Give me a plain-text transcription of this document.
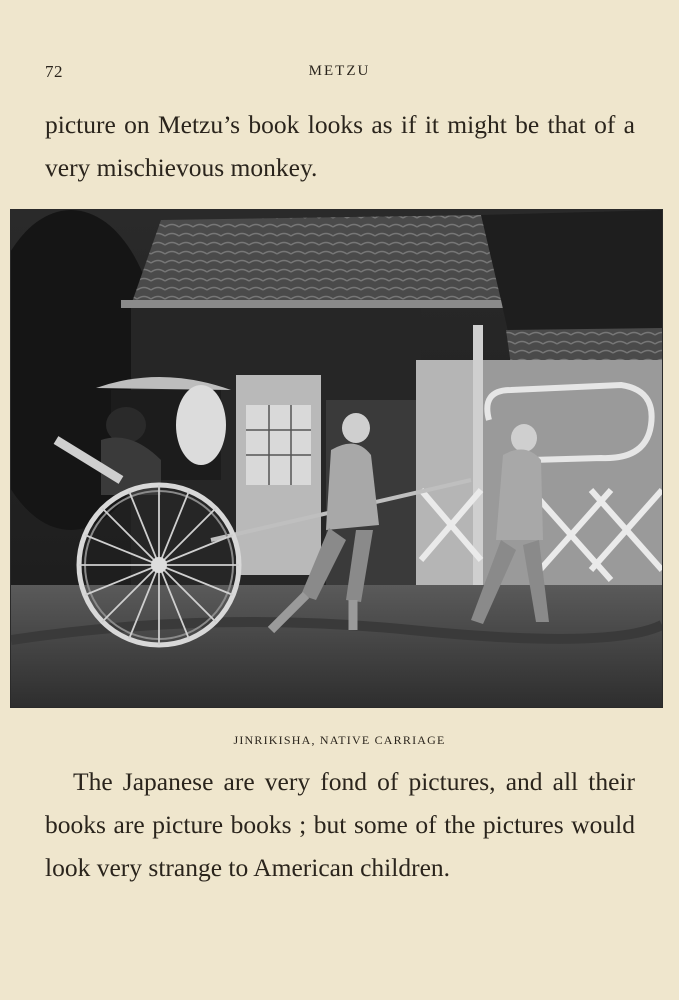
72	METZU

picture on Metzu’s book looks as if it might be that of a very mischievous monkey.

JINRIKISHA, NATIVE CARRIAGE

The Japanese are very fond of pictures, and all their books are picture books ; but some of the pictures would look very strange to American children.
